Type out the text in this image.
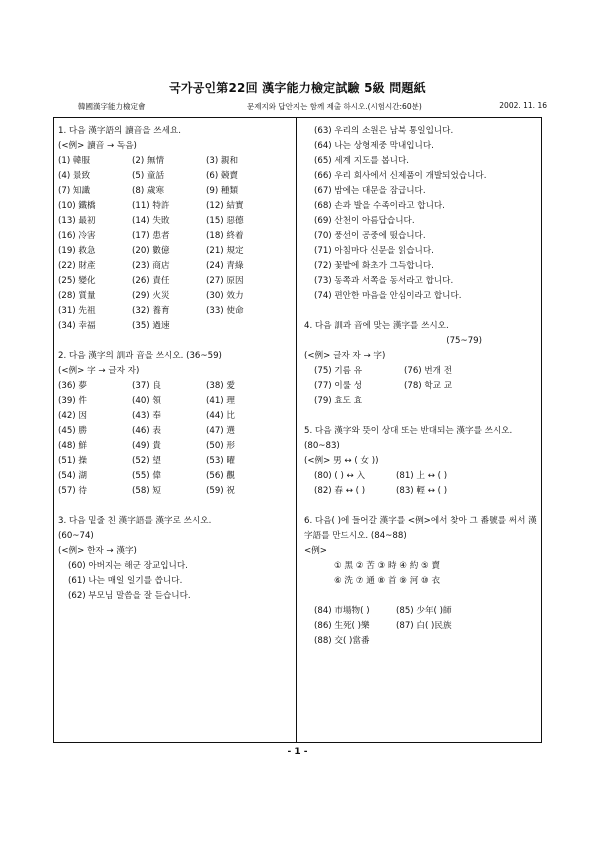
국가공인第22回 漢字能力檢定試驗 5級 問題紙
韓國漢字能力檢定會	문제지와 답안지는 함께 제출 하시오.(시험시간:60분)	2002. 11. 16
1. 다음 漢字語의 讀音을 쓰세요.
(<例> 讀音 → 독음)
(1) 韓服	(2) 無情	(3) 親和
(4) 景致	(5) 童話	(6) 競賣
(7) 知識	(8) 歲寒	(9) 種類
(10) 鐵橋	(11) 特許	(12) 結實
(13) 最初	(14) 失敗	(15) 惡德
(16) 冷害	(17) 患者	(18) 終着
(19) 救急	(20) 數億	(21) 規定
(22) 財產	(23) 商店	(24) 青綠
(25) 變化	(26) 責任	(27) 原因
(28) 質量	(29) 火災	(30) 效力
(31) 先祖	(32) 養育	(33) 使命
(34) 幸福	(35) 過速
2. 다음 漢字의 訓과 音을 쓰시오. (36~59)
(<例> 字 → 글자 자)
(36) 夢	(37) 良	(38) 愛
(39) 件	(40) 領	(41) 理
(42) 因	(43) 奉	(44) 比
(45) 勝	(46) 表	(47) 選
(48) 鮮	(49) 貴	(50) 形
(51) 操	(52) 望	(53) 曜
(54) 湖	(55) 偉	(56) 觀
(57) 待	(58) 短	(59) 祝
3. 다음 밑줄 친 漢字語를 漢字로 쓰시오.
(60~74)
(<例> 한자 → 漢字)
(60) 아버지는 해군 장교입니다.
(61) 나는 매일 일기를 씁니다.
(62) 부모님 말씀을 잘 듣습니다.
(63) 우리의 소원은 남북 통일입니다.
(64) 나는 상형제중 막내입니다.
(65) 세계 지도를 봅니다.
(66) 우리 회사에서 신제품이 개발되었습니다.
(67) 밤에는 대문을 잠급니다.
(68) 손과 발을 수족이라고 합니다.
(69) 산천이 아름답습니다.
(70) 풍선이 공중에 떴습니다.
(71) 아침마다 신문을 읽습니다.
(72) 꽃밭에 화초가 그득합니다.
(73) 동쪽과 서쪽을 동서라고 합니다.
(74) 편안한 마음을 안심이라고 합니다.
4. 다음 訓과 音에 맞는 漢字를 쓰시오.
(75~79)
(<例> 글자 자 → 字)
(75) 기름 유	(76) 번개 전
(77) 이룰 성	(78) 학교 교
(79) 효도 효
5. 다음 漢字와 뜻이 상대 또는 반대되는 漢字를 쓰시오. (80~83)
(<例> 男 ↔ ( 女 ))
(80) ( ) ↔ 入	(81) 上 ↔ ( )
(82) 春 ↔ ( )	(83) 輕 ↔ ( )
6. 다음( )에 들어갈 漢字를 <例>에서 찾아 그 番號를 써서 漢字語를 만드시오. (84~88)
<例>
① 黑 ② 苦 ③ 時 ④ 約 ⑤ 賣
⑥ 洗 ⑦ 通 ⑧ 首 ⑨ 河 ⑩ 衣
(84) 市場物( )	(85) 少年( )師
(86) 生死( )樂	(87) 白( )民族
(88) 交( )當番
- 1 -
